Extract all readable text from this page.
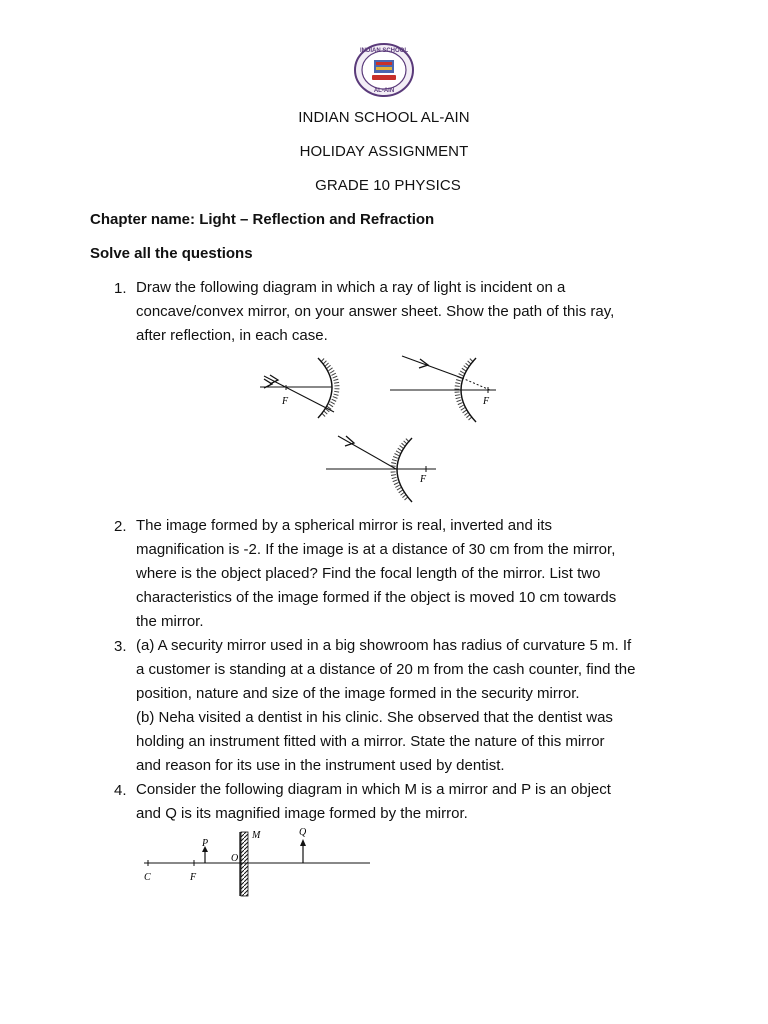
INDIAN SCHOOL
AL-AIN
INDIAN SCHOOL AL-AIN
HOLIDAY ASSIGNMENT
GRADE 10 PHYSICS
Chapter name: Light – Reflection and Refraction
Solve all the questions
1. Draw the following diagram in which a ray of light is incident on a
concave/convex mirror, on your answer sheet. Show the path of this ray,
after reflection, in each case.
F	F
F
2. The image formed by a spherical mirror is real, inverted and its
magnification is -2. If the image is at a distance of 30 cm from the mirror,
where is the object placed? Find the focal length of the mirror. List two
characteristics of the image formed if the object is moved 10 cm towards
the mirror.
3. (a) A security mirror used in a big showroom has radius of curvature 5 m. If
a customer is standing at a distance of 20 m from the cash counter, find the
position, nature and size of the image formed in the security mirror.
(b) Neha visited a dentist in his clinic. She observed that the dentist was
holding an instrument fitted with a mirror. State the nature of this mirror
and reason for its use in the instrument used by dentist.
4. Consider the following diagram in which M is a mirror and P is an object
and Q is its magnified image formed by the mirror.
C	F
P
O
M	Q
